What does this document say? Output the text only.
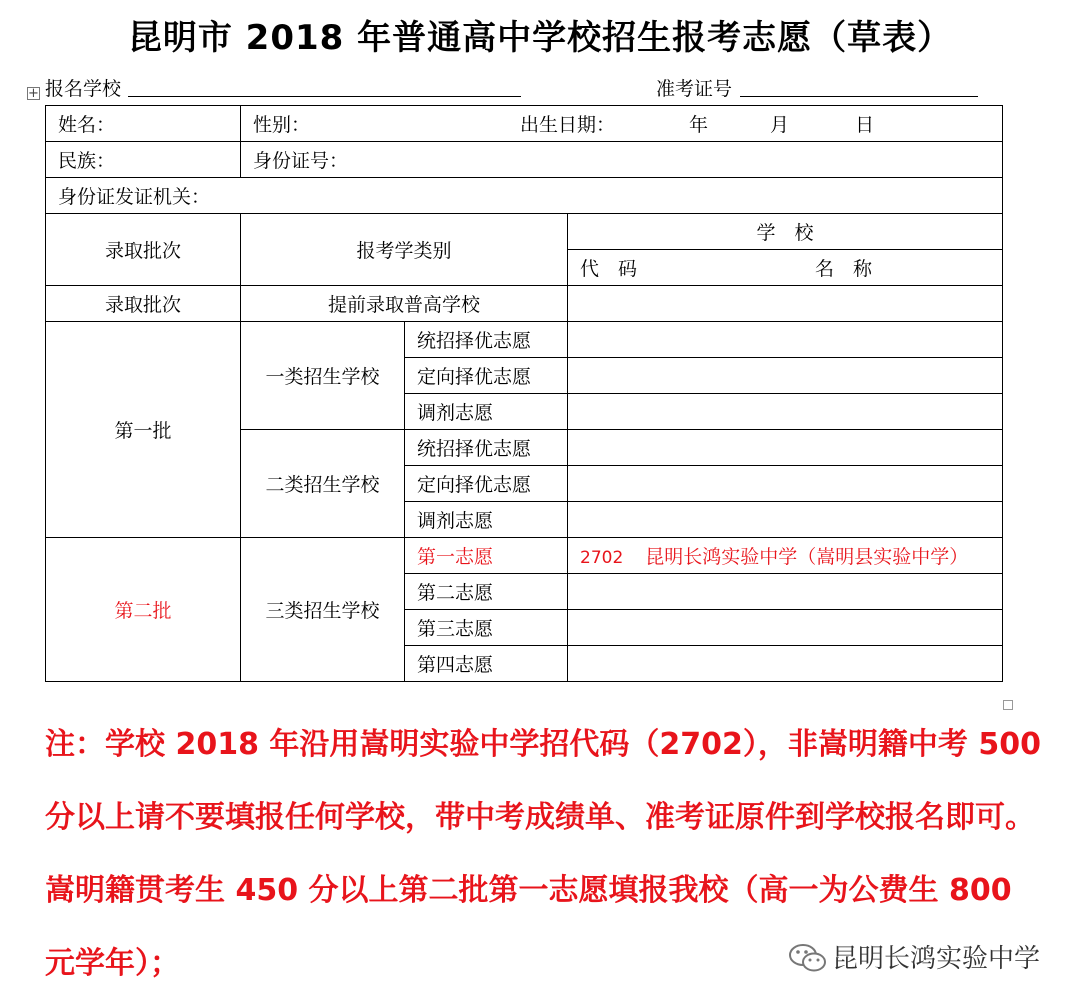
昆明市 2018 年普通高中学校招生报考志愿（草表）
报名学校	准考证号
+
姓名：	性别： 出生日期： 年 月 日		
民族：	身份证号：		
身份证发证机关：			
录取批次	报考学类别		学　校
			代　码 名　称
录取批次	提前录取普高学校		
第一批	一类招生学校	统招择优志愿	
		定向择优志愿	
		调剂志愿	
	二类招生学校	统招择优志愿	
		定向择优志愿	
		调剂志愿	
第二批	三类招生学校	第一志愿	2702 昆明长鸿实验中学（嵩明县实验中学）
		第二志愿	
		第三志愿	
		第四志愿	
注：学校 2018 年沿用嵩明实验中学招代码（2702），非嵩明籍中考 500 分以上请不要填报任何学校，带中考成绩单、准考证原件到学校报名即可。嵩明籍贯考生 450 分以上第二批第一志愿填报我校（高一为公费生 800 元学年）；	昆明长鸿实验中学
